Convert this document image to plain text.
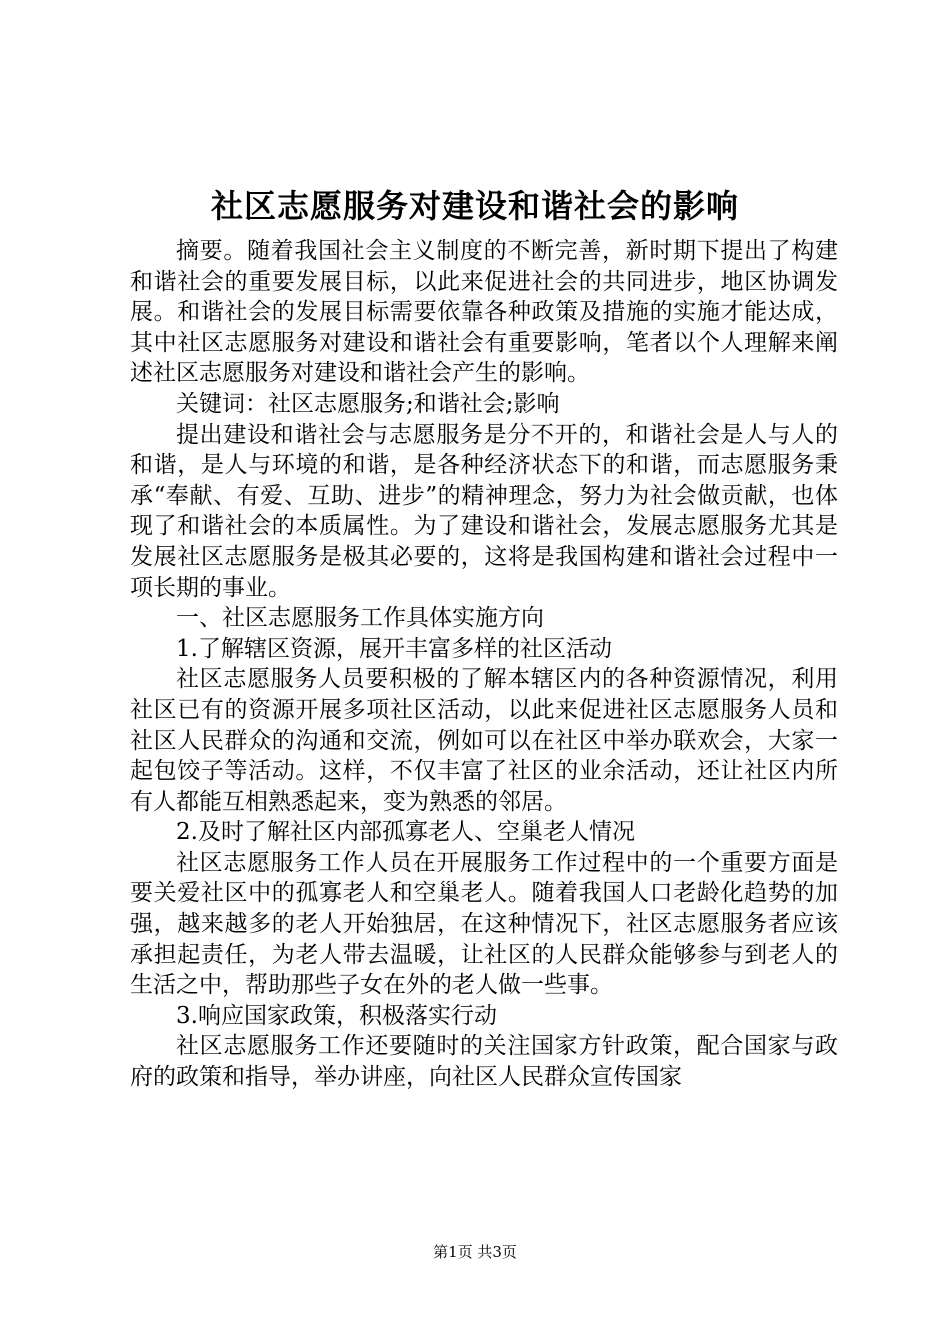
社区志愿服务对建设和谐社会的影响

摘要。随着我国社会主义制度的不断完善，新时期下提出了构建和谐社会的重要发展目标，以此来促进社会的共同进步，地区协调发展。和谐社会的发展目标需要依靠各种政策及措施的实施才能达成，其中社区志愿服务对建设和谐社会有重要影响，笔者以个人理解来阐述社区志愿服务对建设和谐社会产生的影响。

关键词：社区志愿服务;和谐社会;影响

提出建设和谐社会与志愿服务是分不开的，和谐社会是人与人的和谐，是人与环境的和谐，是各种经济状态下的和谐，而志愿服务秉承“奉献、有爱、互助、进步”的精神理念，努力为社会做贡献，也体现了和谐社会的本质属性。为了建设和谐社会，发展志愿服务尤其是发展社区志愿服务是极其必要的，这将是我国构建和谐社会过程中一项长期的事业。

一、社区志愿服务工作具体实施方向

1.了解辖区资源，展开丰富多样的社区活动

社区志愿服务人员要积极的了解本辖区内的各种资源情况，利用社区已有的资源开展多项社区活动，以此来促进社区志愿服务人员和社区人民群众的沟通和交流，例如可以在社区中举办联欢会，大家一起包饺子等活动。这样，不仅丰富了社区的业余活动，还让社区内所有人都能互相熟悉起来，变为熟悉的邻居。

2.及时了解社区内部孤寡老人、空巢老人情况

社区志愿服务工作人员在开展服务工作过程中的一个重要方面是要关爱社区中的孤寡老人和空巢老人。随着我国人口老龄化趋势的加强，越来越多的老人开始独居，在这种情况下，社区志愿服务者应该承担起责任，为老人带去温暖，让社区的人民群众能够参与到老人的生活之中，帮助那些子女在外的老人做一些事。

3.响应国家政策，积极落实行动

社区志愿服务工作还要随时的关注国家方针政策，配合国家与政府的政策和指导，举办讲座，向社区人民群众宣传国家

第1页 共3页
